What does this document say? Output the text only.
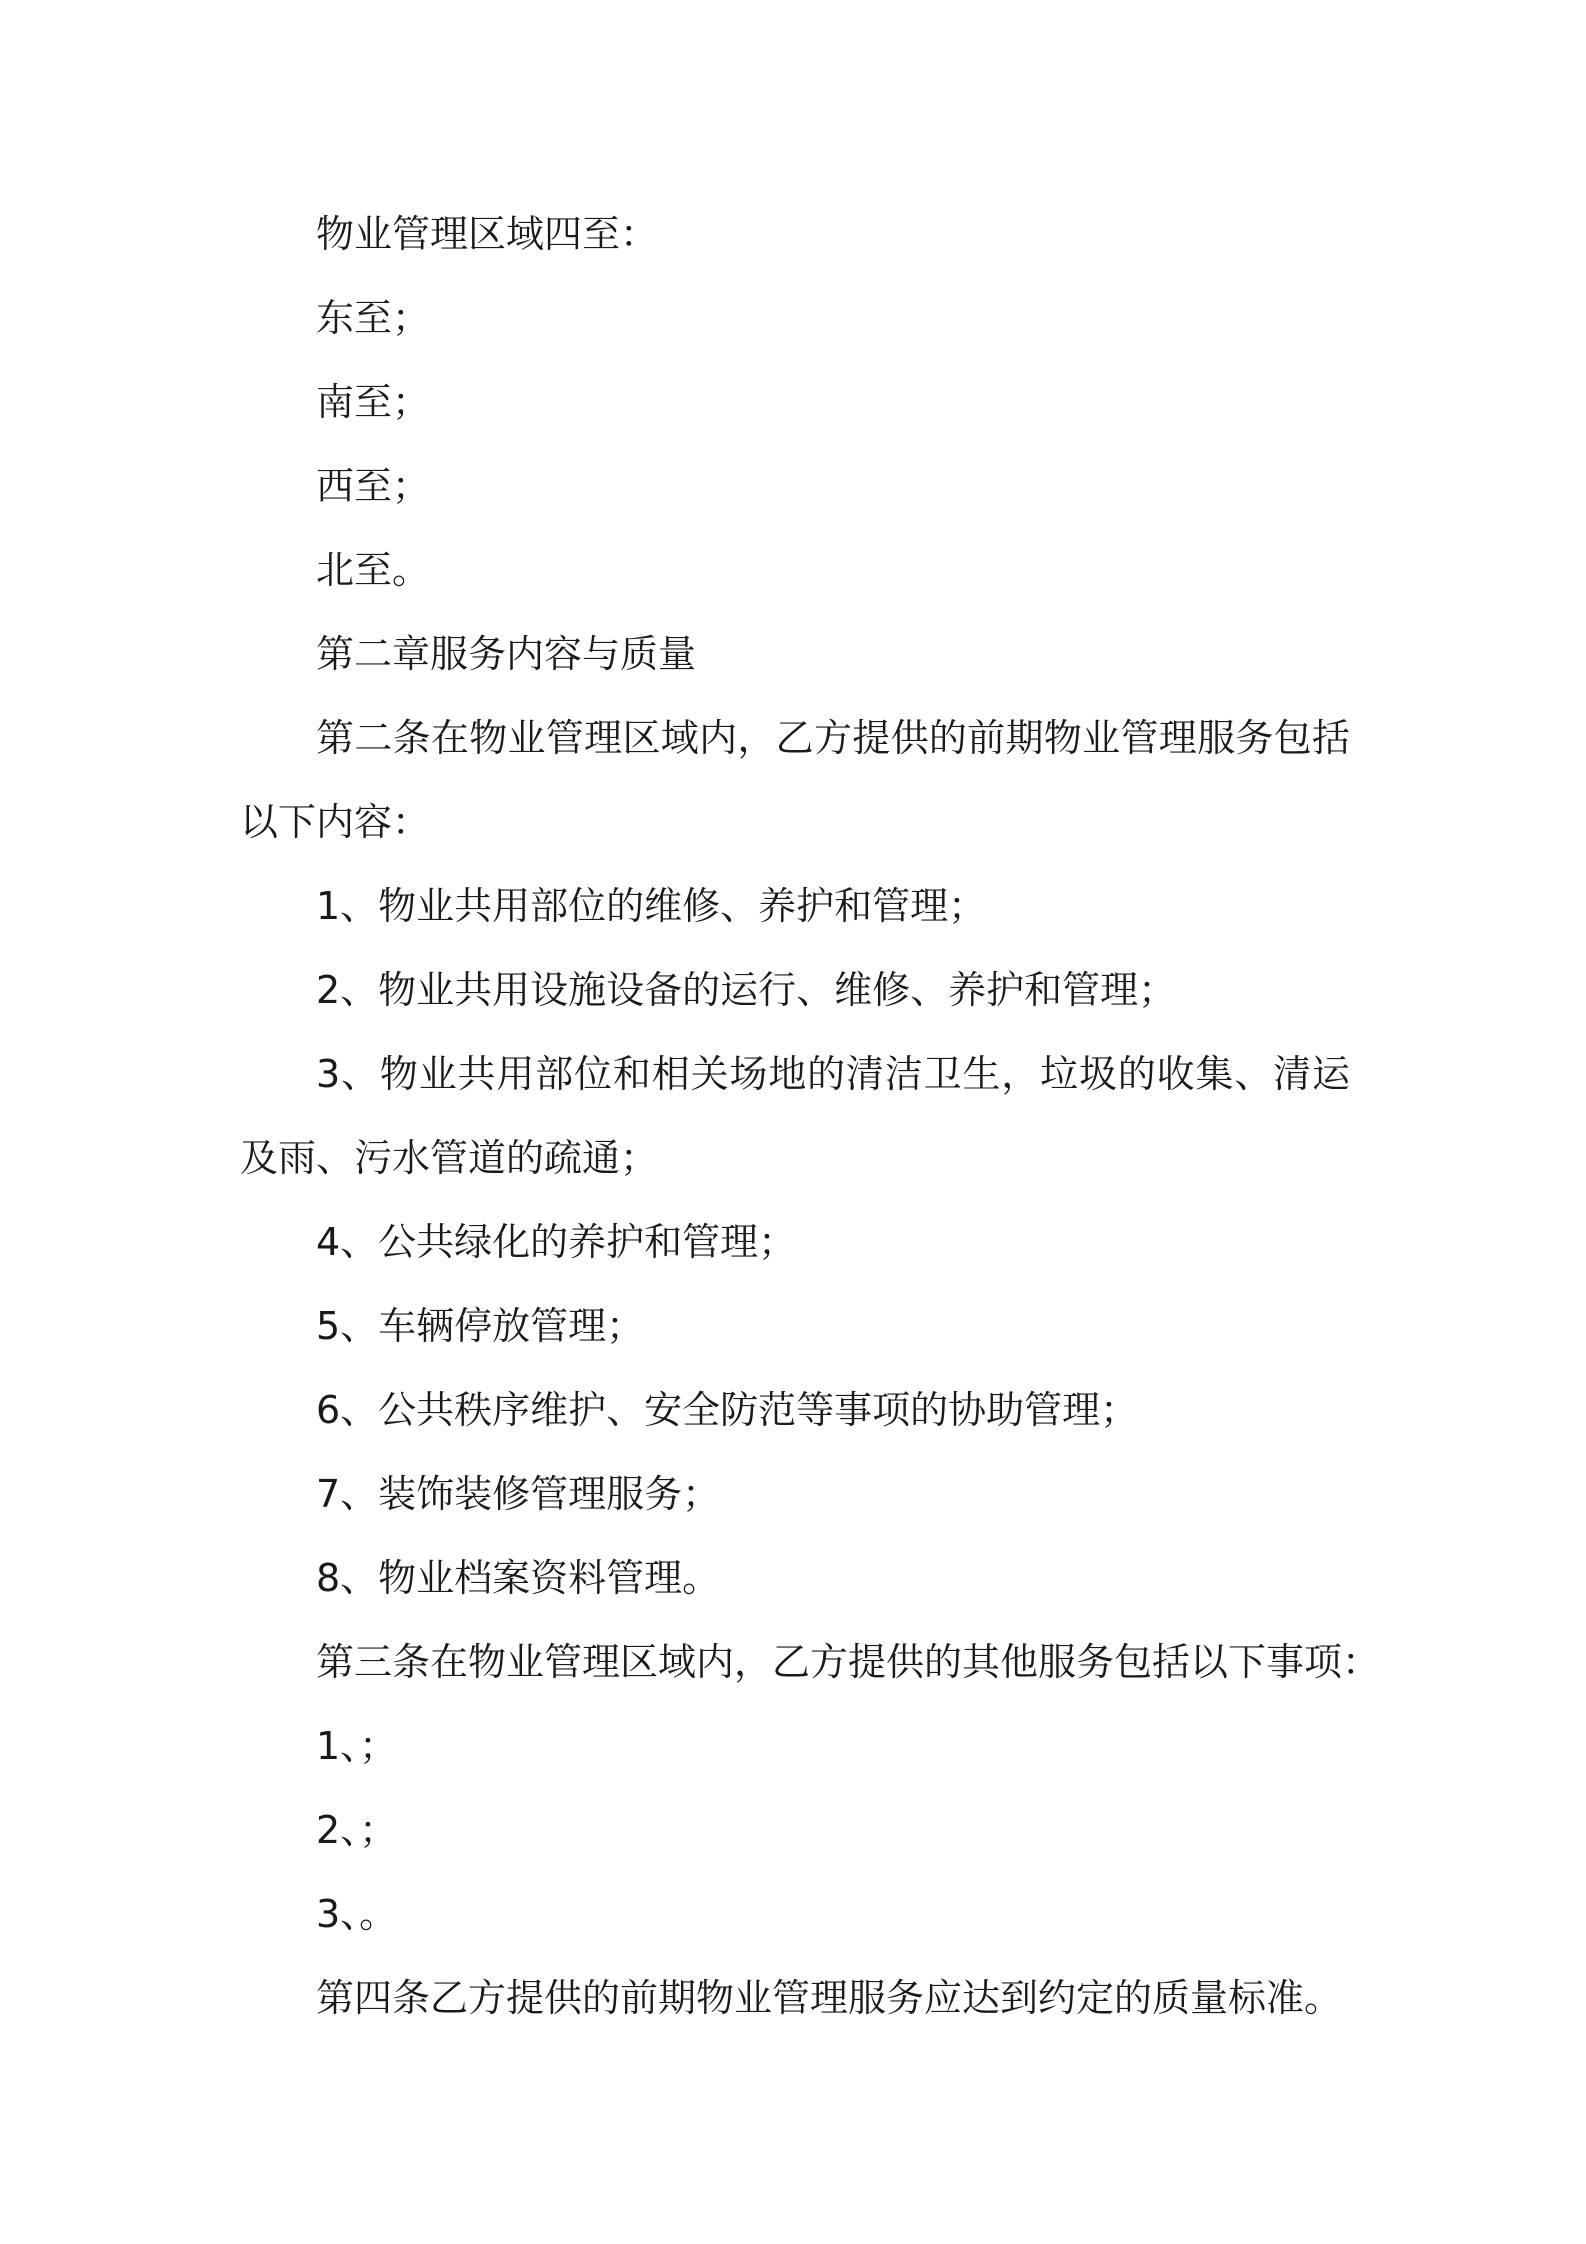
物业管理区域四至：

东至；

南至；

西至；

北至。

第二章服务内容与质量

第二条在物业管理区域内，乙方提供的前期物业管理服务包括以下内容：

1、物业共用部位的维修、养护和管理；

2、物业共用设施设备的运行、维修、养护和管理；

3、物业共用部位和相关场地的清洁卫生，垃圾的收集、清运及雨、污水管道的疏通；

4、公共绿化的养护和管理；

5、车辆停放管理；

6、公共秩序维护、安全防范等事项的协助管理；

7、装饰装修管理服务；

8、物业档案资料管理。

第三条在物业管理区域内，乙方提供的其他服务包括以下事项：

1、；

2、；

3、。

第四条乙方提供的前期物业管理服务应达到约定的质量标准。
